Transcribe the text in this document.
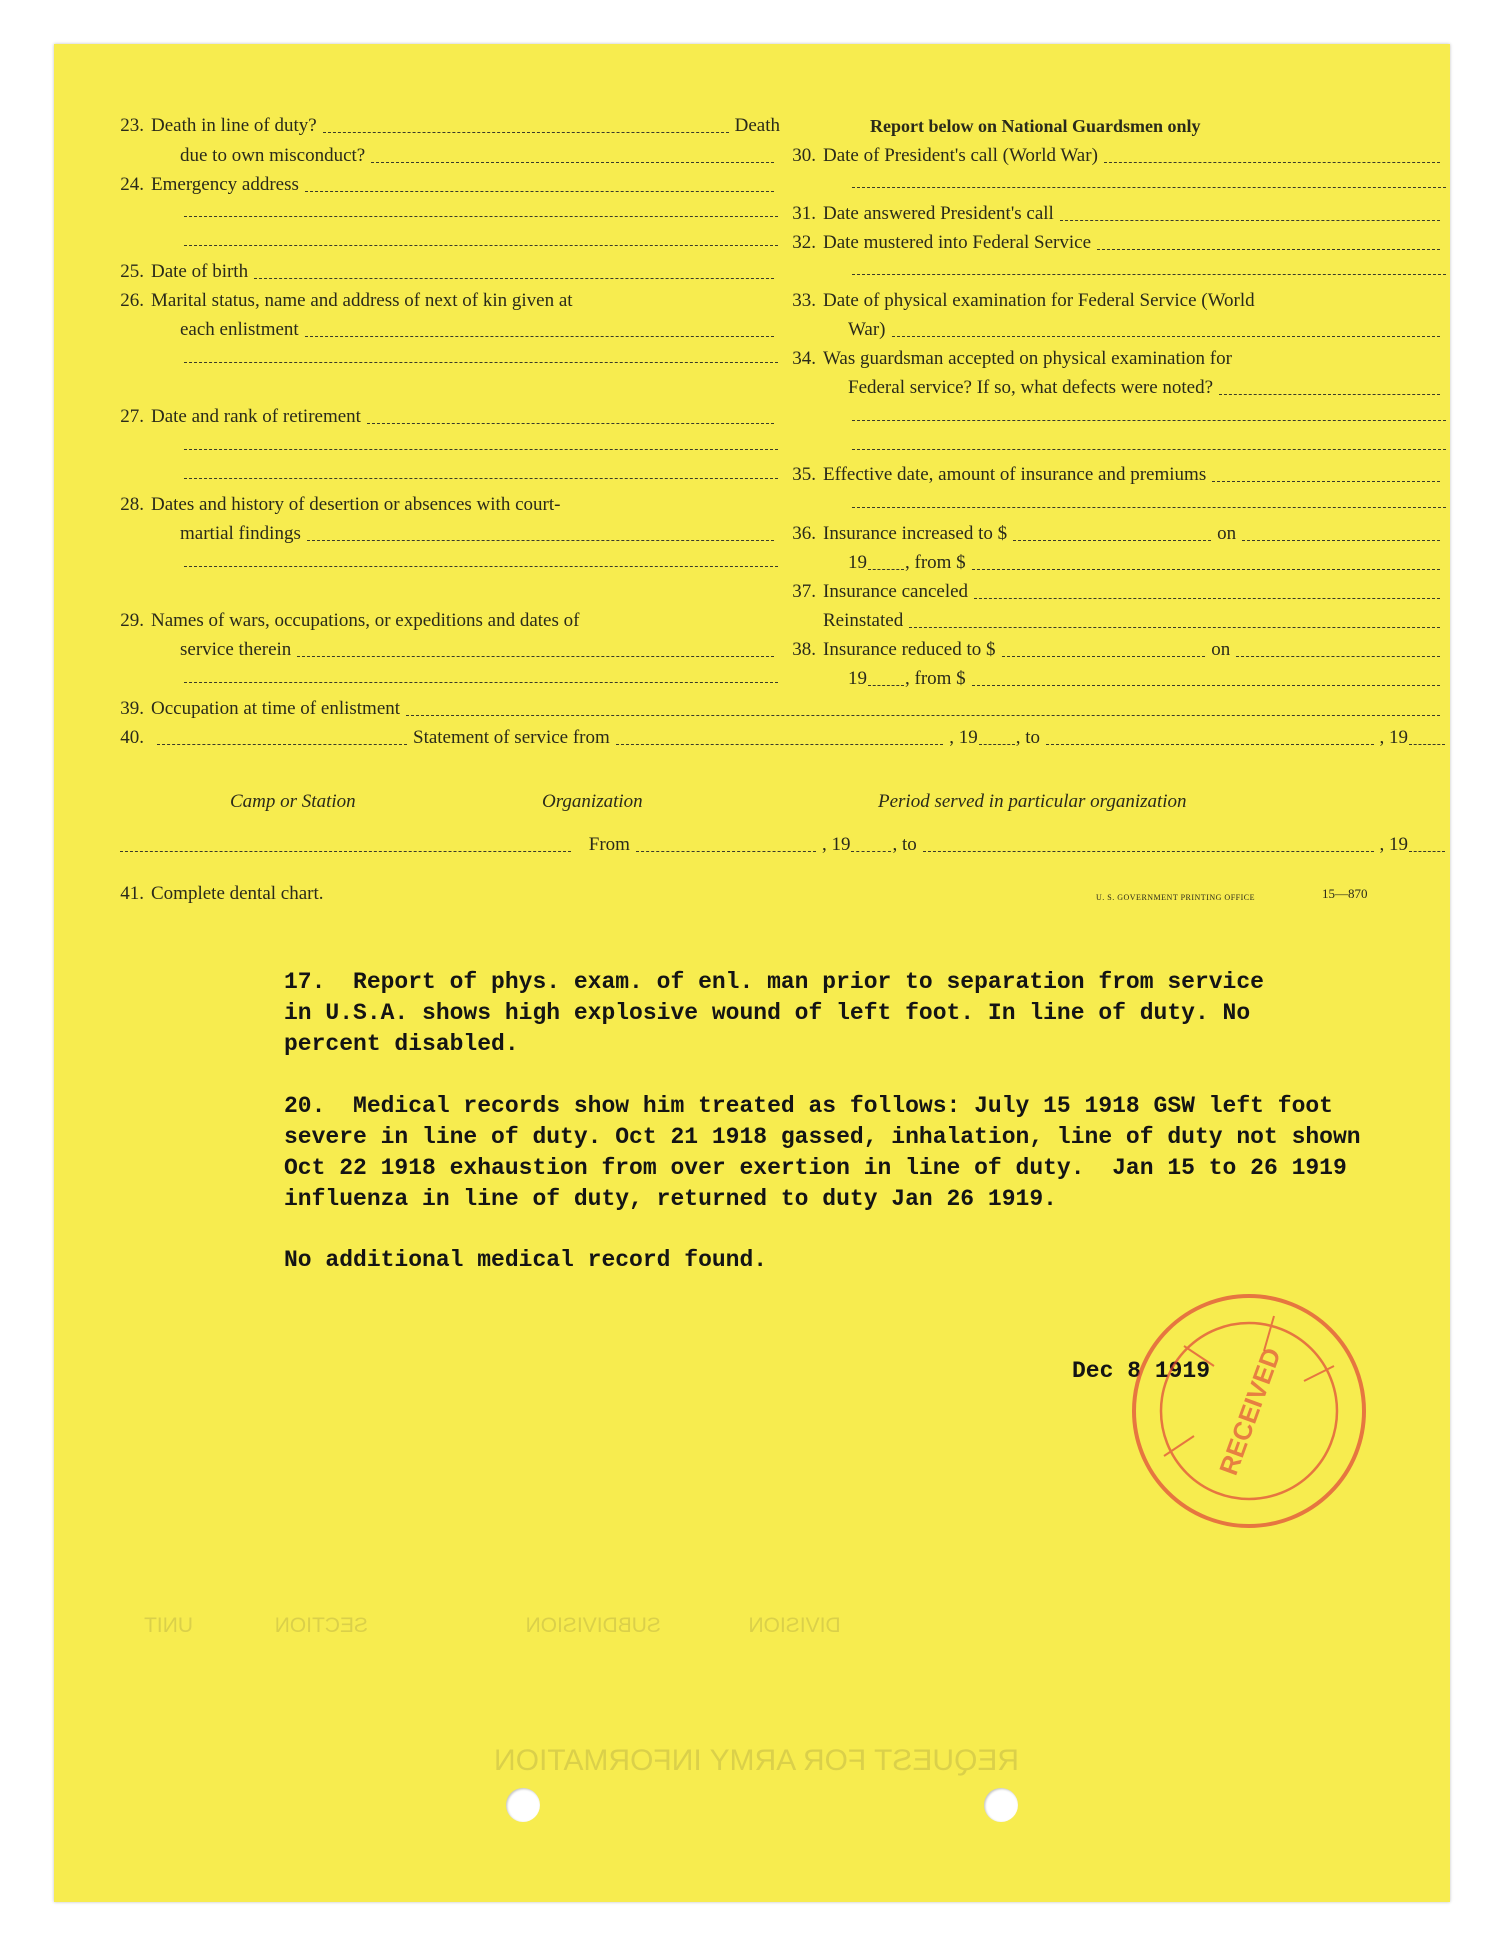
DIVISION               SUBDIVISION                           SECTION              UNIT
REQUEST FOR ARMY INFORMATION
23. Death in line of duty?	Death
due to own misconduct?
24. Emergency address
25. Date of birth
26. Marital status, name and address of next of kin given at
each enlistment
27. Date and rank of retirement
28. Dates and history of desertion or absences with court-
martial findings
29. Names of wars, occupations, or expeditions and dates of
service therein
Report below on National Guardsmen only
30. Date of President's call (World War)
31. Date answered President's call
32. Date mustered into Federal Service
33. Date of physical examination for Federal Service (World
War)
34. Was guardsman accepted on physical examination for
Federal service? If so, what defects were noted?
35. Effective date, amount of insurance and premiums
36. Insurance increased to $	on
19 , from $
37. Insurance canceled
Reinstated
38. Insurance reduced to $	on
19 , from $
39. Occupation at time of enlistment
40.	Statement of service from	, 19 , to	, 19
Camp or Station	Organization	Period served in particular organization
From	, 19 , to	, 19
41. Complete dental chart.	U. S. GOVERNMENT PRINTING OFFICE	15—870
17.  Report of phys. exam. of enl. man prior to separation from service
in U.S.A. shows high explosive wound of left foot. In line of duty. No
percent disabled.
20.  Medical records show him treated as follows: July 15 1918 GSW left foot
severe in line of duty. Oct 21 1918 gassed, inhalation, line of duty not shown
Oct 22 1918 exhaustion from over exertion in line of duty.  Jan 15 to 26 1919
influenza in line of duty, returned to duty Jan 26 1919.
No additional medical record found.
Dec 8 1919 RECEIVED
